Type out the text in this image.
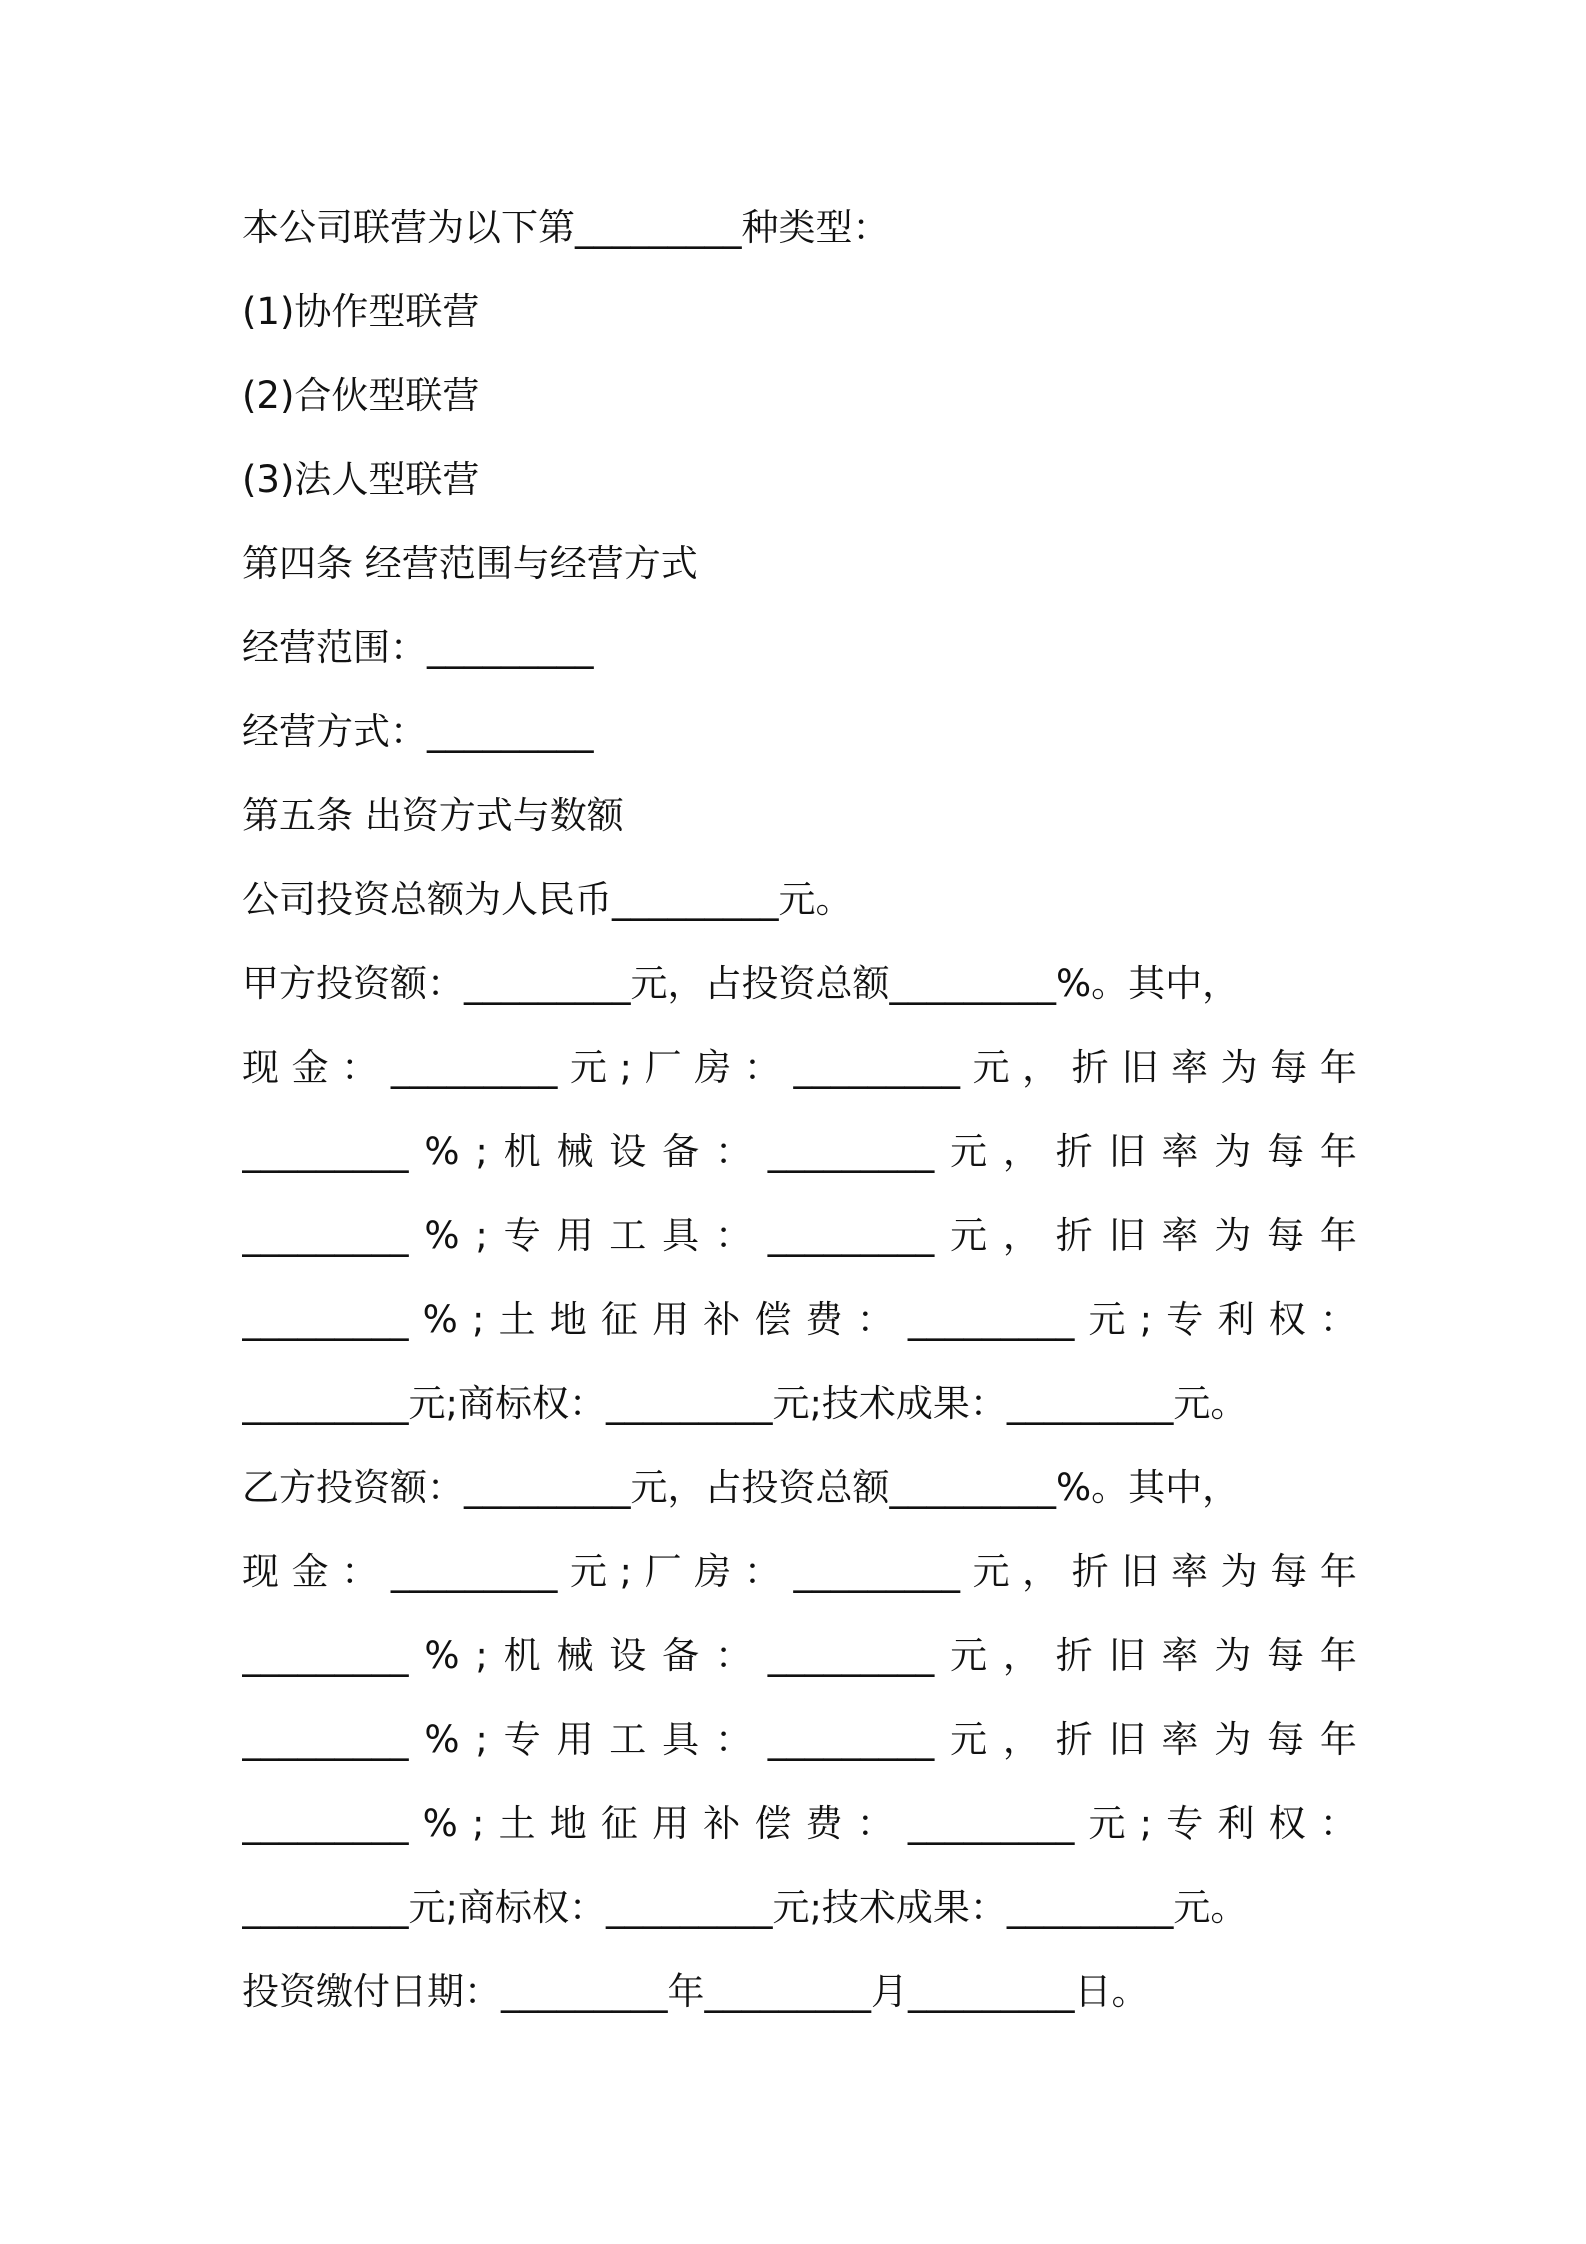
本公司联营为以下第_________种类型：
(1)协作型联营
(2)合伙型联营
(3)法人型联营
第四条 经营范围与经营方式
经营范围：_________
经营方式：_________
第五条 出资方式与数额
公司投资总额为人民币_________元。
甲方投资额：_________元，占投资总额_________%。其中，
现 金 ： _________ 元 ; 厂 房 ： _________ 元 ， 折 旧 率 为 每 年
_________ % ; 机 械 设 备 ： _________ 元 ， 折 旧 率 为 每 年
_________ % ; 专 用 工 具 ： _________ 元 ， 折 旧 率 为 每 年
_________ % ; 土 地 征 用 补 偿 费 ： _________ 元 ; 专 利 权 ：
_________元;商标权：_________元;技术成果：_________元。
乙方投资额：_________元，占投资总额_________%。其中，
现 金 ： _________ 元 ; 厂 房 ： _________ 元 ， 折 旧 率 为 每 年
_________ % ; 机 械 设 备 ： _________ 元 ， 折 旧 率 为 每 年
_________ % ; 专 用 工 具 ： _________ 元 ， 折 旧 率 为 每 年
_________ % ; 土 地 征 用 补 偿 费 ： _________ 元 ; 专 利 权 ：
_________元;商标权：_________元;技术成果：_________元。
投资缴付日期：_________年_________月_________日。
